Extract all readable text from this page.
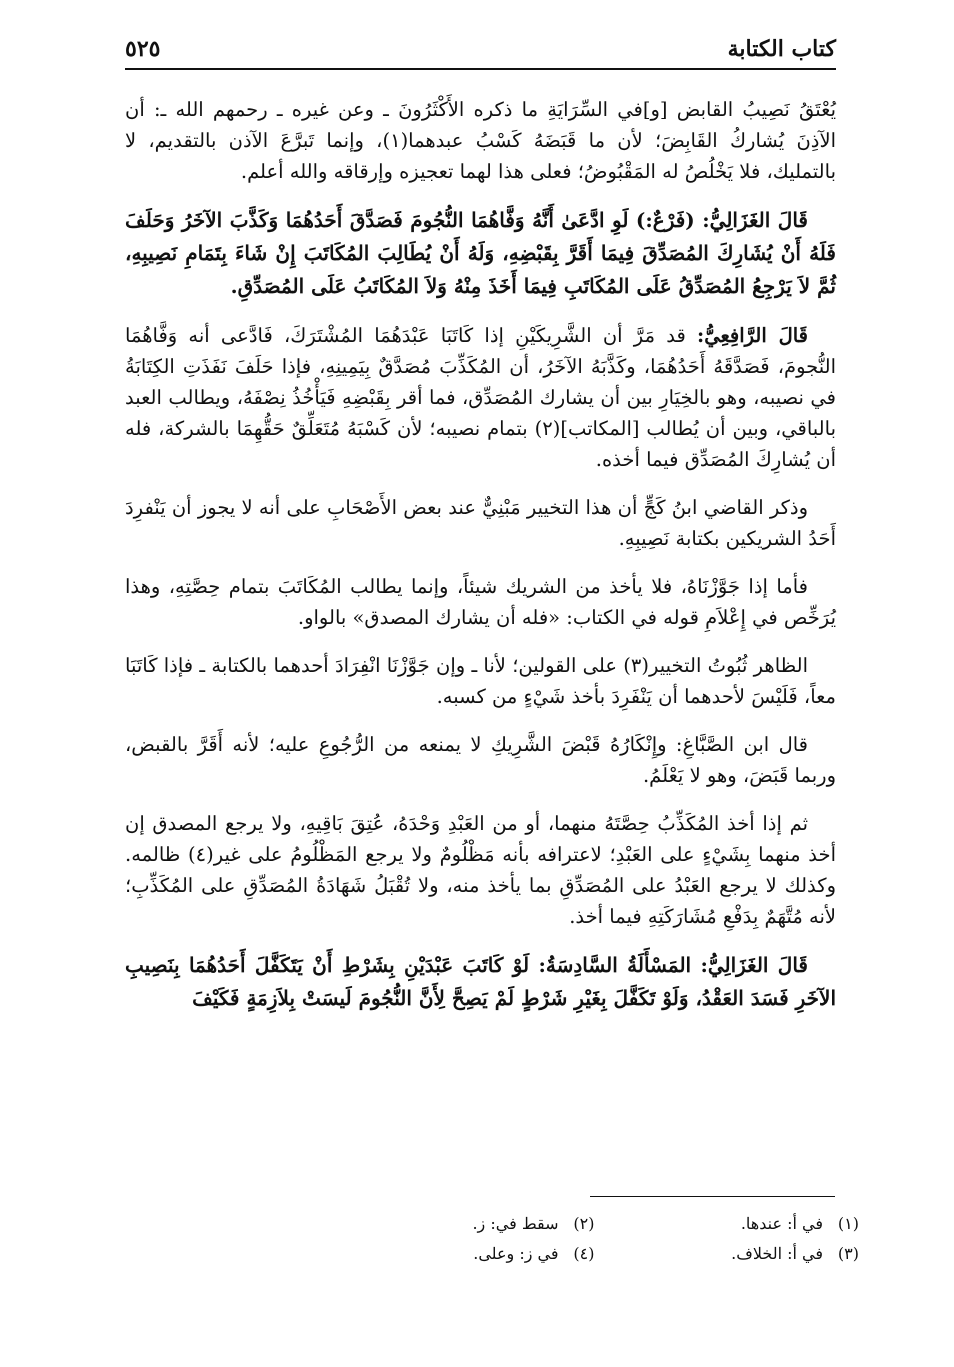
كتاب الكتابة
٥٢٥

يُعْتَقُ نَصِيبُ القابض [و]في السِّرَايَةِ ما ذكره الأَكْثَرُونَ ـ وعن غيره ـ رحمهم الله ـ: أن الآذِنَ يُشاركُ القَابِضَ؛ لأن ما قَبَضَهُ كَسْبُ عبدهما(١)، وإنما تَبرَّعَ الآذن بالتقديم، لا بالتمليك، فلا يَخْلُصُ له المَقْبُوضُ؛ فعلى هذا لهما تعجيزه وإرقاقه والله أعلم.

قَالَ الغَزَالِيُّ: (فَرْعٌ:) لَوِ ادَّعَىٰ أَنَّهُ وَفَّاهُمَا النُّجُومَ فَصَدَّقَ أَحَدُهُمَا وَكَذَّبَ الآخَرُ وَحَلَفَ فَلَهُ أَنْ يُشَارِكَ المُصَدِّقَ فِيمَا أَقَرَّ بِقَبْضِهِ، وَلَهُ أَنْ يُطَالِبَ المُكَاتَبَ إِنْ شَاءَ بِتَمَامِ نَصِيبِهِ، ثُمَّ لاَ يَرْجِعُ المُصَدِّقُ عَلَى المُكَاتَبِ فِيمَا أَخَذَ مِنْهُ وَلاَ المُكَاتَبُ عَلَى المُصَدِّقِ.

قَالَ الرَّافِعِيُّ: قد مَرَّ أن الشَّرِيكَيْنِ إذا كَاتَبَا عَبْدَهُمَا المُشْتَرَكَ، فَادَّعى أنه وَفَّاهُمَا النُّجومَ، فَصَدَّقَهُ أَحَدُهُمَا، وكَذَّبَهُ الآخَرُ، أن المُكَذِّبَ مُصَدَّقٌ بِيَمِينِهِ، فإذا حَلَفَ نَفَذَتِ الكِتَابَةُ في نصيبه، وهو بالخِيَارِ بين أن يشارك المُصَدِّق، فما أقر بِقَبْضِهِ فَيَأْخُذُ نِصْفَهُ، ويطالب العبد بالباقي، وبين أن يُطالب [المكاتب](٢) بتمام نصيبه؛ لأن كَسْبَهُ مُتَعَلِّقٌ حَقُّهِمَا بالشركة، فله أن يُشارِكَ المُصَدِّق فيما أخذه.

وذكر القاضي ابنُ كَجٍّ أن هذا التخيير مَبْنِيٌّ عند بعض الأَصْحَابِ على أنه لا يجوز أن يَنْفرِدَ أَحَدُ الشريكين بكتابة نَصِيبِهِ.

فأما إذا جَوَّزْنَاهُ، فلا يأخذ من الشريك شيئاً، وإنما يطالب المُكَاتَبَ بتمام حِصَّتِهِ، وهذا يُرَخِّص في إِعْلاَمِ قوله في الكتاب: «فله أن يشارك المصدق» بالواو.

الظاهر ثُبُوتُ التخيير(٣) على القولين؛ لأنا ـ وإن جَوَّزْنَا انْفِرَادَ أحدهما بالكتابة ـ فإذا كَاتَبَا معاً، فَلَيْسَ لأحدهما أن يَنْفَرِدَ بأخذ شَيْءٍ من كسبه.

قال ابن الصَّبَّاغِ: وإِنْكَارُهُ قَبْضَ الشَّرِيكِ لا يمنعه من الرُّجُوعِ عليه؛ لأنه أَقَرَّ بالقبض، وربما قَبَضَ، وهو لا يَعْلَمُ.

ثم إذا أخذ المُكَذِّبُ حِصَّتَهُ منهما، أو من العَبْدِ وَحْدَهُ، عُتِقَ بَاقِيهِ، ولا يرجع المصدق إن أخذ منهما بِشَيْءٍ على العَبْدِ؛ لاعترافه بأنه مَظْلُومٌ ولا يرجع المَظْلُومُ على غير(٤) ظالمه. وكذلك لا يرجع العَبْدُ على المُصَدِّقِ بما يأخذ منه، ولا تُقْبَلُ شَهَادَةُ المُصَدِّقِ على المُكَذِّبِ؛ لأنه مُتَّهَمٌ بِدَفْعِ مُشَارَكَتِهِ فيما أخذ.

قَالَ الغَزَالِيُّ: المَسْأَلَةُ السَّادِسَةُ: لَوْ كَاتَبَ عَبْدَيْنِ بِشَرْطِ أَنْ يَتَكَفَّلَ أَحَدُهُمَا بِنَصِيبِ الآخَرِ فَسَدَ العَقْدُ، وَلَوْ تَكَفَّلَ بِغَيْرِ شَرْطٍ لَمْ يَصِحَّ لِأَنَّ النُّجُومَ لَيسَتْ بِلاَزِمَةٍ فَكَيْفَ

(١)في أ: عندها.
(٢)سقط في: ز.
(٣)في أ: الخلاف.
(٤)في ز: وعلى.
